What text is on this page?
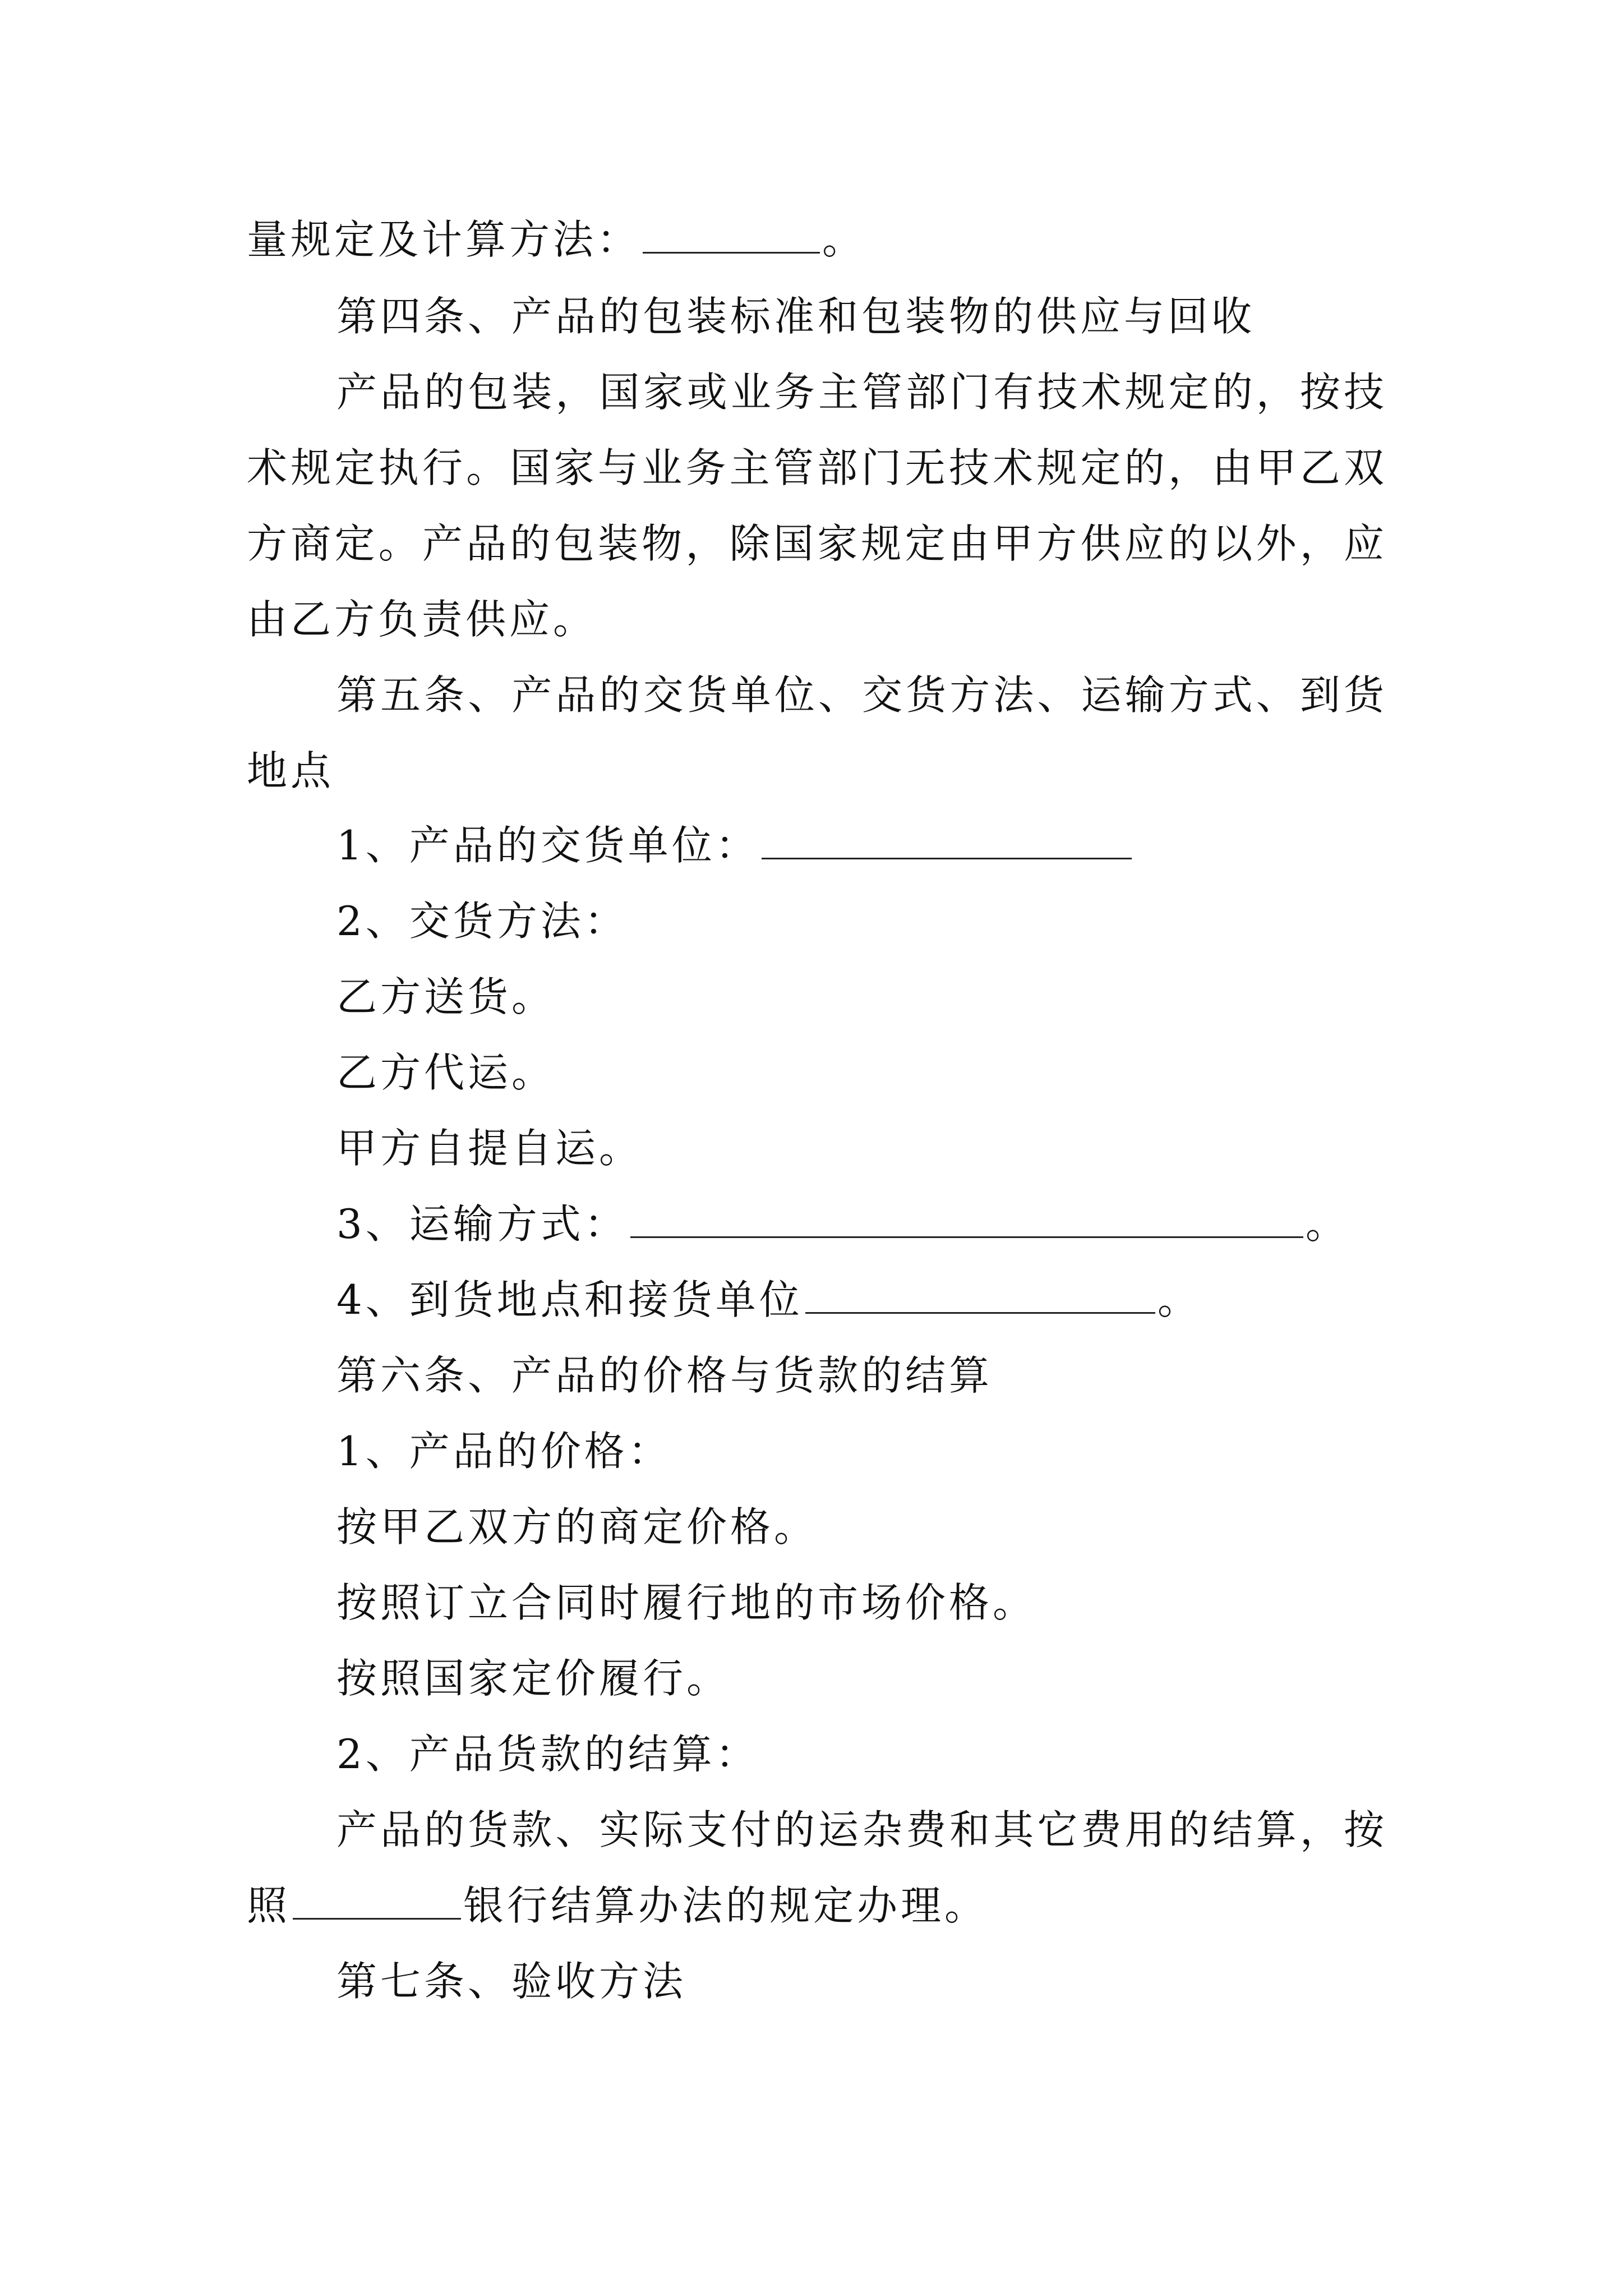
量规定及计算方法：	。
第四条、产品的包装标准和包装物的供应与回收
产品的包装，国家或业务主管部门有技术规定的，按技
术规定执行。国家与业务主管部门无技术规定的，由甲乙双
方商定。产品的包装物，除国家规定由甲方供应的以外，应
由乙方负责供应。
第五条、产品的交货单位、交货方法、运输方式、到货
地点
1、产品的交货单位：
2、交货方法：
乙方送货。
乙方代运。
甲方自提自运。
3、运输方式：	。
4、到货地点和接货单位	。
第六条、产品的价格与货款的结算
1、产品的价格：
按甲乙双方的商定价格。
按照订立合同时履行地的市场价格。
按照国家定价履行。
2、产品货款的结算：
产品的货款、实际支付的运杂费和其它费用的结算，按
照	银行结算办法的规定办理。
第七条、验收方法
